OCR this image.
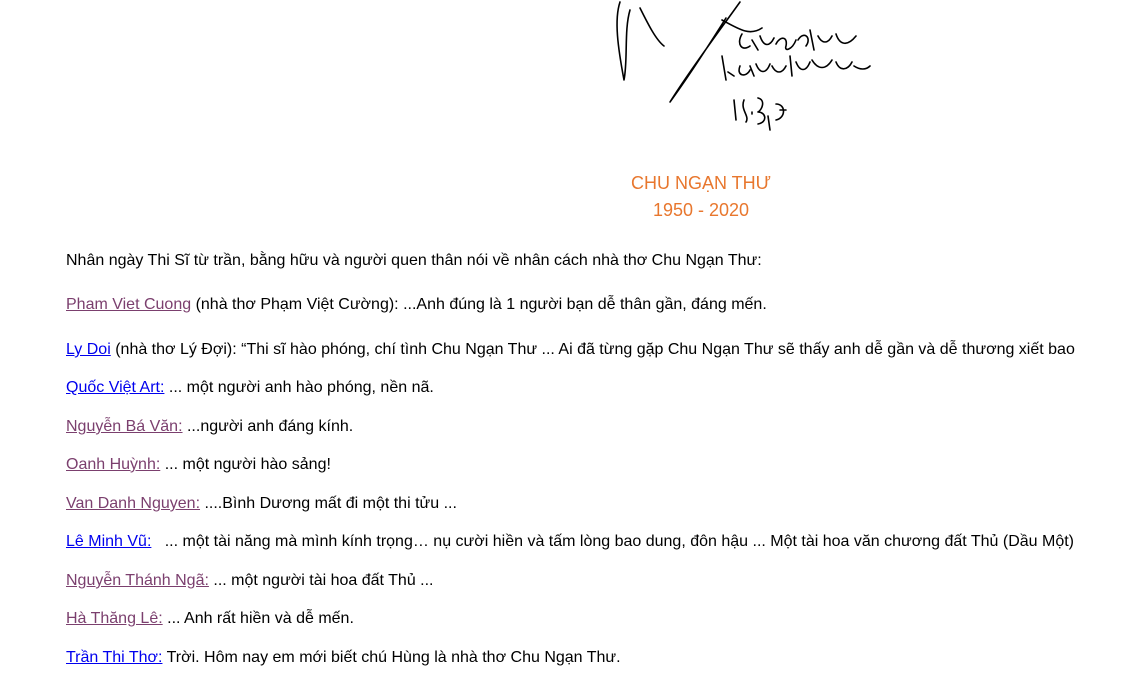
CHU NGẠN THƯ
1950 - 2020
Nhân ngày Thi Sĩ từ trần, bằng hữu và người quen thân nói về nhân cách nhà thơ Chu Ngạn Thư:
Pham Viet Cuong (nhà thơ Phạm Việt Cường): ...Anh đúng là 1 người bạn dễ thân gần, đáng mến.
Ly Doi (nhà thơ Lý Đợi): “Thi sĩ hào phóng, chí tình Chu Ngạn Thư ... Ai đã từng gặp Chu Ngạn Thư sẽ thấy anh dễ gần và dễ thương xiết bao
Quốc Việt Art: ... một người anh hào phóng, nền nã.
Nguyễn Bá Văn: ...người anh đáng kính.
Oanh Huỳnh: ... một người hào sảng!
Van Danh Nguyen: ....Bình Dương mất đi một thi tửu ...
Lê Minh Vũ:   ... một tài năng mà mình kính trọng… nụ cười hiền và tấm lòng bao dung, đôn hậu ... Một tài hoa văn chương đất Thủ (Dầu Một)
Nguyễn Thánh Ngã: ... một người tài hoa đất Thủ ...
Hà Thăng Lê: ... Anh rất hiền và dễ mến.
Trần Thi Thơ: Trời. Hôm nay em mới biết chú Hùng là nhà thơ Chu Ngạn Thư.
